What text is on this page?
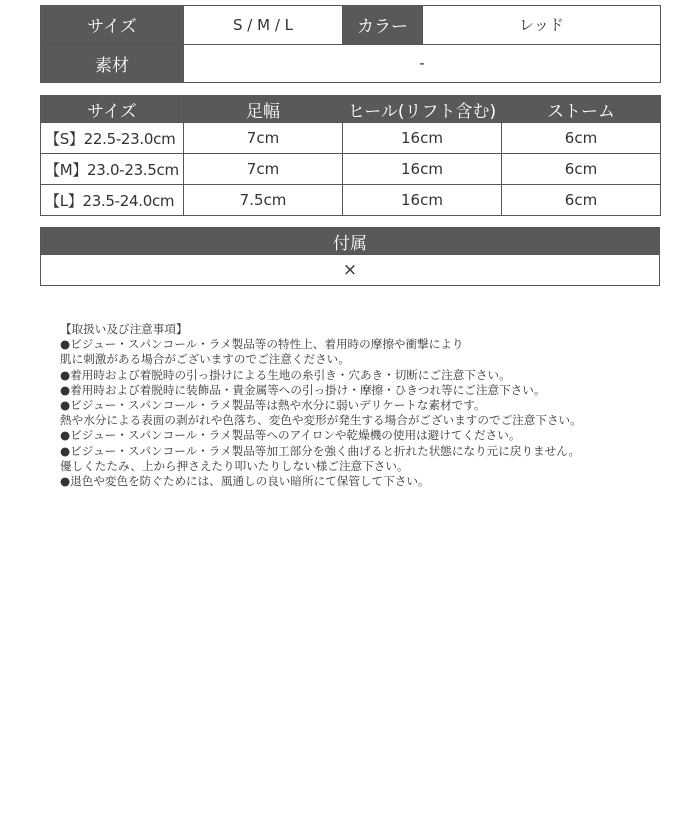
サイズ	S / M / L	カラー	レッド
素材	-		
サイズ	足幅	ヒール(リフト含む)	ストーム
【S】22.5-23.0cm	7cm	16cm	6cm
【M】23.0-23.5cm	7cm	16cm	6cm
【L】23.5-24.0cm	7.5cm	16cm	6cm
付属
×
【取扱い及び注意事項】
●ビジュー・スパンコール・ラメ製品等の特性上、着用時の摩擦や衝撃により
肌に刺激がある場合がございますのでご注意ください。
●着用時および着脱時の引っ掛けによる生地の糸引き・穴あき・切断にご注意下さい。
●着用時および着脱時に装飾品・貴金属等への引っ掛け・摩擦・ひきつれ等にご注意下さい。
●ビジュー・スパンコール・ラメ製品等は熱や水分に弱いデリケートな素材です。
熱や水分による表面の剥がれや色落ち、変色や変形が発生する場合がございますのでご注意下さい。
●ビジュー・スパンコール・ラメ製品等へのアイロンや乾燥機の使用は避けてください。
●ビジュー・スパンコール・ラメ製品等加工部分を強く曲げると折れた状態になり元に戻りません。
優しくたたみ、上から押さえたり叩いたりしない様ご注意下さい。
●退色や変色を防ぐためには、風通しの良い暗所にて保管して下さい。
